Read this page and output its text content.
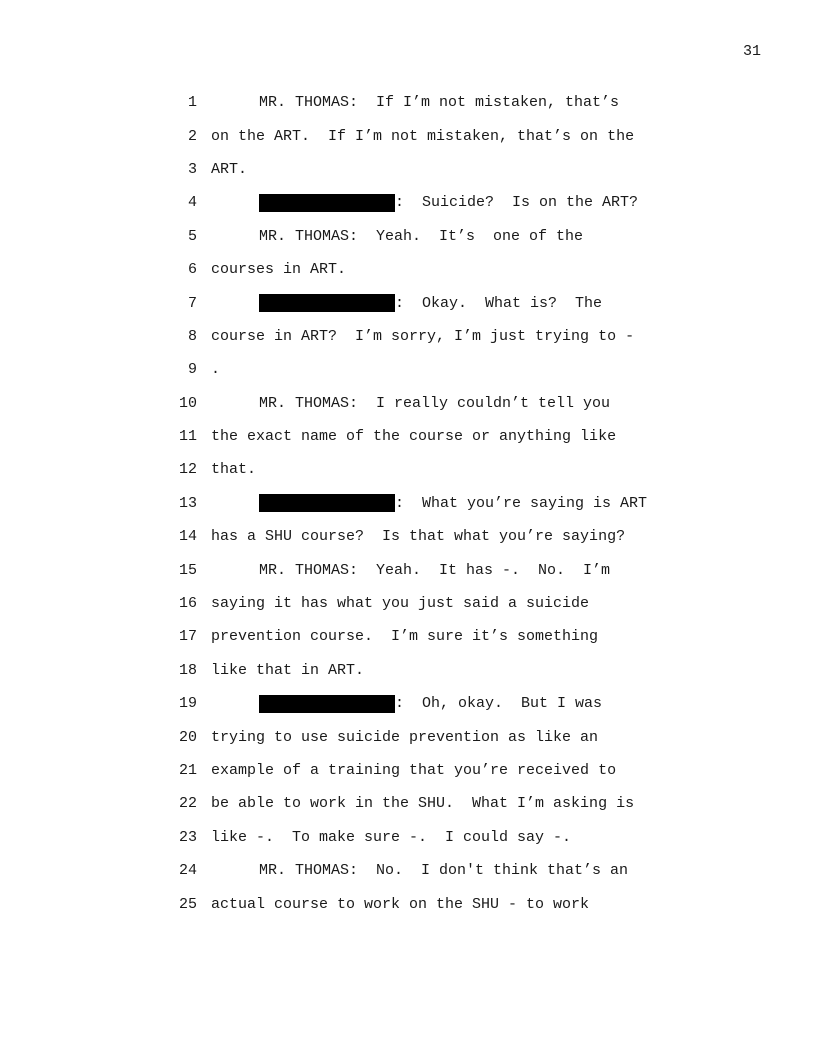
31
1	MR. THOMAS:  If I’m not mistaken, that’s
2 on the ART.  If I’m not mistaken, that’s on the
3 ART.
4	:  Suicide?  Is on the ART?
5	MR. THOMAS:  Yeah.  It’s  one of the
6 courses in ART.
7	:  Okay.  What is?  The
8 course in ART?  I’m sorry, I’m just trying to -
9 .
10	MR. THOMAS:  I really couldn’t tell you
11 the exact name of the course or anything like
12 that.
13	:  What you’re saying is ART
14 has a SHU course?  Is that what you’re saying?
15	MR. THOMAS:  Yeah.  It has -.  No.  I’m
16 saying it has what you just said a suicide
17 prevention course.  I’m sure it’s something
18 like that in ART.
19	:  Oh, okay.  But I was
20 trying to use suicide prevention as like an
21 example of a training that you’re received to
22 be able to work in the SHU.  What I’m asking is
23 like -.  To make sure -.  I could say -.
24	MR. THOMAS:  No.  I don't think that’s an
25 actual course to work on the SHU - to work
